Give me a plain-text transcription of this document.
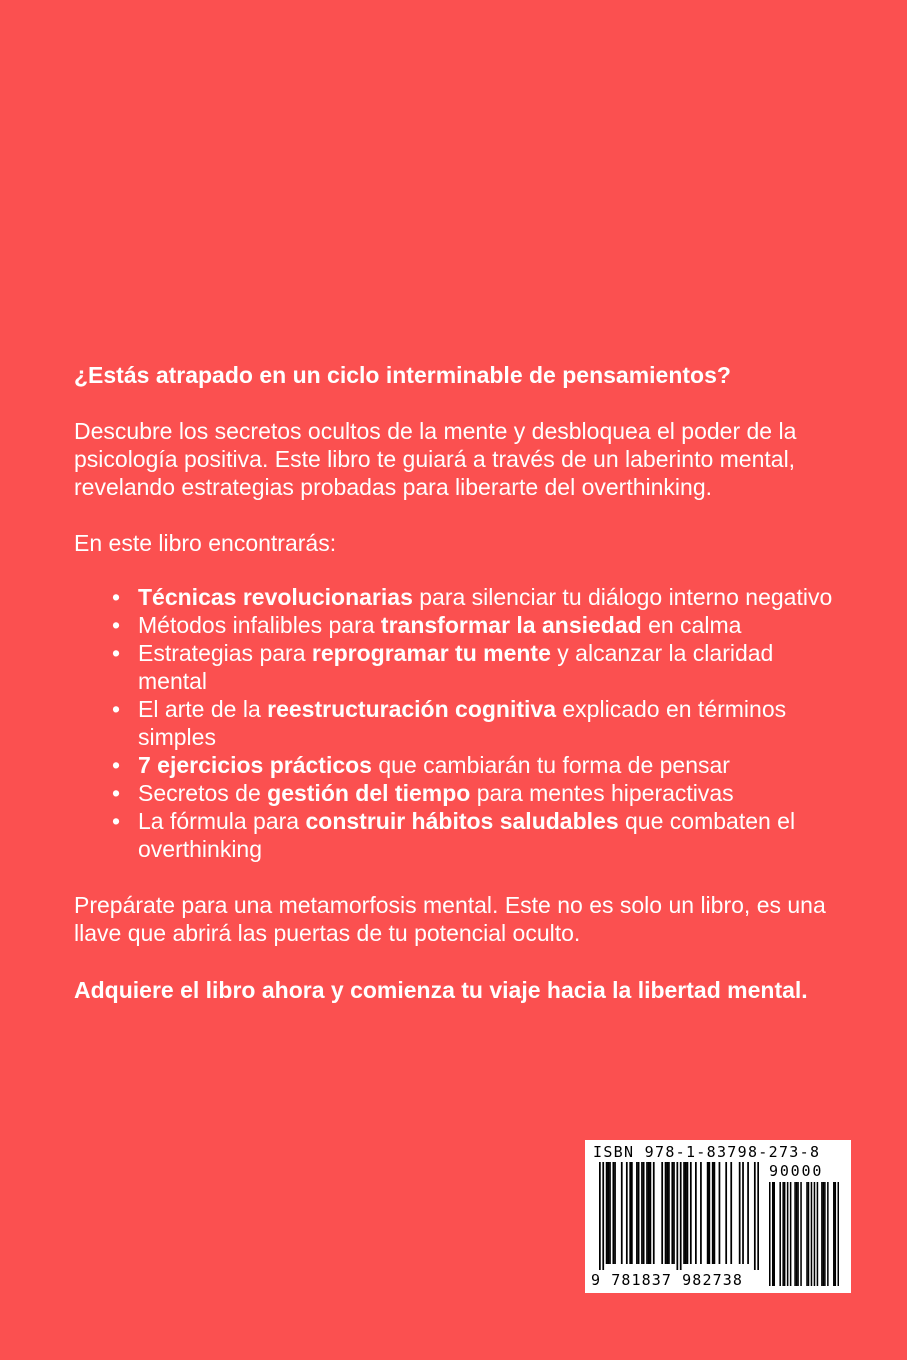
¿Estás atrapado en un ciclo interminable de pensamientos?
Descubre los secretos ocultos de la mente y desbloquea el poder de la psicología positiva. Este libro te guiará a través de un laberinto mental, revelando estrategias probadas para liberarte del overthinking.
En este libro encontrarás:
• Técnicas revolucionarias para silenciar tu diálogo interno negativo
• Métodos infalibles para transformar la ansiedad en calma
• Estrategias para reprogramar tu mente y alcanzar la claridad mental
• El arte de la reestructuración cognitiva explicado en términos simples
• 7 ejercicios prácticos que cambiarán tu forma de pensar
• Secretos de gestión del tiempo para mentes hiperactivas
• La fórmula para construir hábitos saludables que combaten el overthinking
Prepárate para una metamorfosis mental. Este no es solo un libro, es una llave que abrirá las puertas de tu potencial oculto.
Adquiere el libro ahora y comienza tu viaje hacia la libertad mental.
ISBN 978-1-83798-273-8
90000
9 781837 982738
